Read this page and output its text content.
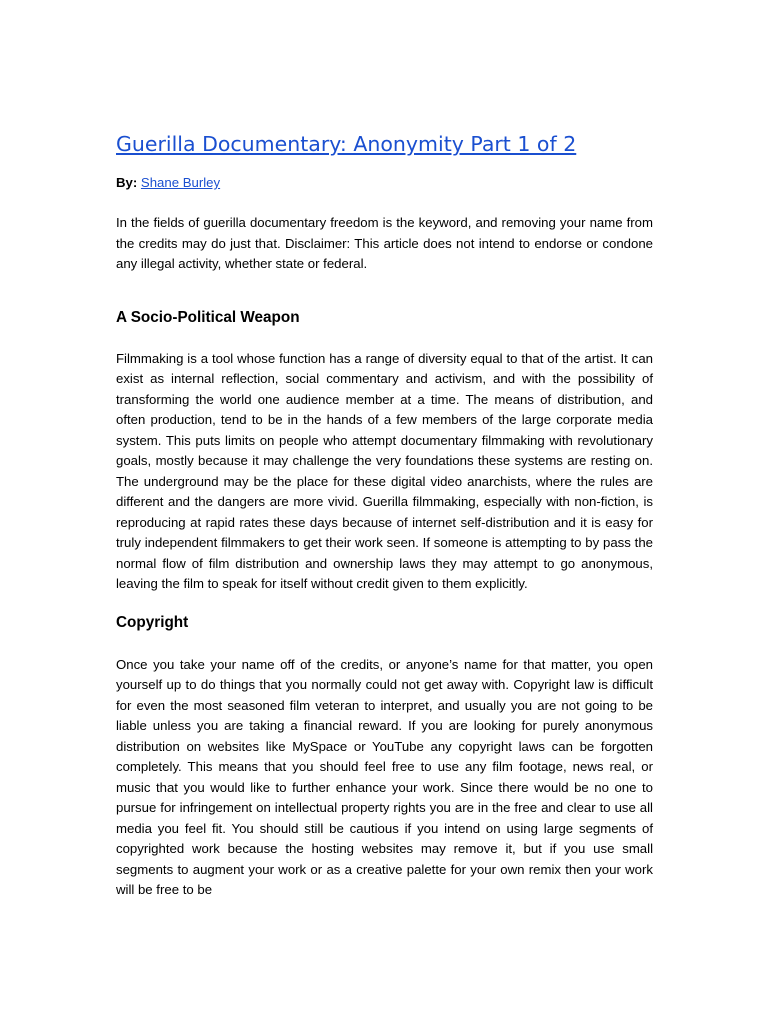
Guerilla Documentary: Anonymity Part 1 of 2

By: Shane Burley

In the fields of guerilla documentary freedom is the keyword, and removing your name from the credits may do just that. Disclaimer: This article does not intend to endorse or condone any illegal activity, whether state or federal.

A Socio-Political Weapon

Filmmaking is a tool whose function has a range of diversity equal to that of the artist. It can exist as internal reflection, social commentary and activism, and with the possibility of transforming the world one audience member at a time. The means of distribution, and often production, tend to be in the hands of a few members of the large corporate media system. This puts limits on people who attempt documentary filmmaking with revolutionary goals, mostly because it may challenge the very foundations these systems are resting on. The underground may be the place for these digital video anarchists, where the rules are different and the dangers are more vivid. Guerilla filmmaking, especially with non-fiction, is reproducing at rapid rates these days because of internet self-distribution and it is easy for truly independent filmmakers to get their work seen. If someone is attempting to by pass the normal flow of film distribution and ownership laws they may attempt to go anonymous, leaving the film to speak for itself without credit given to them explicitly.

Copyright

Once you take your name off of the credits, or anyone’s name for that matter, you open yourself up to do things that you normally could not get away with. Copyright law is difficult for even the most seasoned film veteran to interpret, and usually you are not going to be liable unless you are taking a financial reward. If you are looking for purely anonymous distribution on websites like MySpace or YouTube any copyright laws can be forgotten completely. This means that you should feel free to use any film footage, news real, or music that you would like to further enhance your work. Since there would be no one to pursue for infringement on intellectual property rights you are in the free and clear to use all media you feel fit. You should still be cautious if you intend on using large segments of copyrighted work because the hosting websites may remove it, but if you use small segments to augment your work or as a creative palette for your own remix then your work will be free to be
